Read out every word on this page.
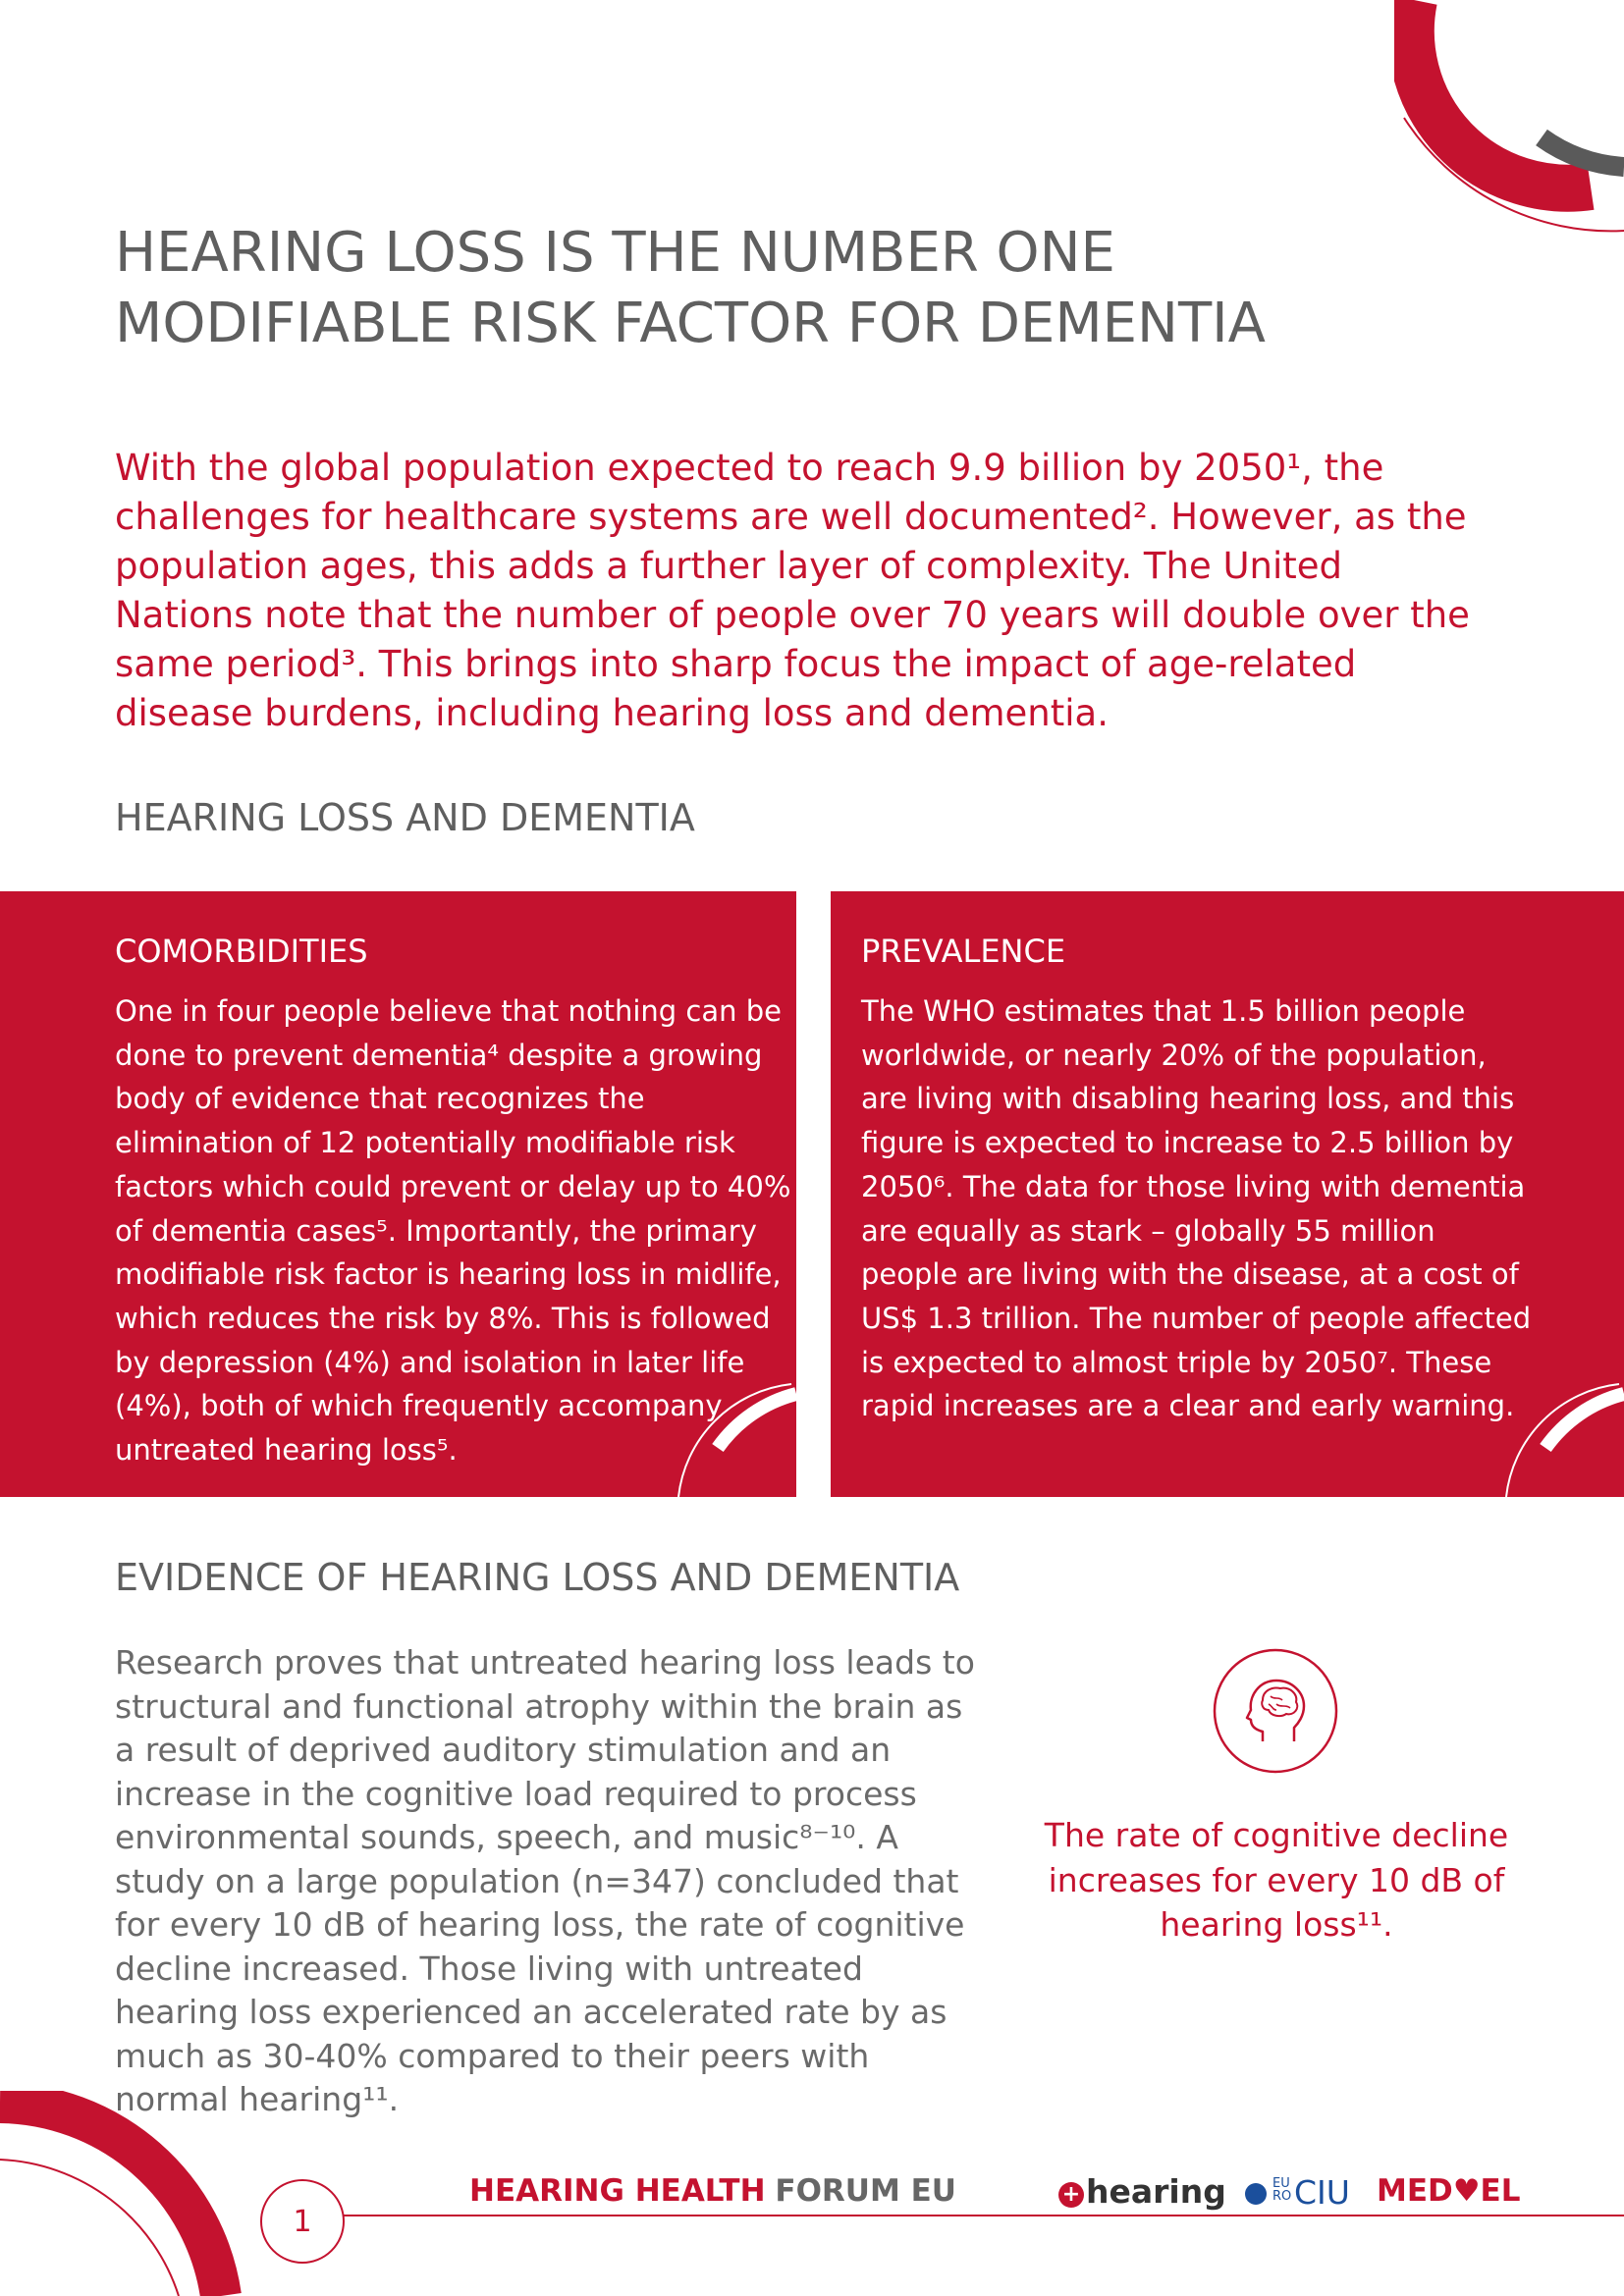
HEARING LOSS IS THE NUMBER ONE MODIFIABLE RISK FACTOR FOR DEMENTIA

With the global population expected to reach 9.9 billion by 2050¹, the challenges for healthcare systems are well documented². However, as the population ages, this adds a further layer of complexity. The United Nations note that the number of people over 70 years will double over the same period³. This brings into sharp focus the impact of age-related disease burdens, including hearing loss and dementia.

HEARING LOSS AND DEMENTIA
COMORBIDITIES

One in four people believe that nothing can be done to prevent dementia⁴ despite a growing body of evidence that recognizes the elimination of 12 potentially modifiable risk factors which could prevent or delay up to 40% of dementia cases⁵. Importantly, the primary modifiable risk factor is hearing loss in midlife, which reduces the risk by 8%. This is followed by depression (4%) and isolation in later life (4%), both of which frequently accompany untreated hearing loss⁵.

PREVALENCE

The WHO estimates that 1.5 billion people worldwide, or nearly 20% of the population, are living with disabling hearing loss, and this figure is expected to increase to 2.5 billion by 2050⁶. The data for those living with dementia are equally as stark – globally 55 million people are living with the disease, at a cost of US$ 1.3 trillion. The number of people affected is expected to almost triple by 2050⁷. These rapid increases are a clear and early warning.

EVIDENCE OF HEARING LOSS AND DEMENTIA

Research proves that untreated hearing loss leads to structural and functional atrophy within the brain as a result of deprived auditory stimulation and an increase in the cognitive load required to process environmental sounds, speech, and music⁸⁻¹⁰. A study on a large population (n=347) concluded that for every 10 dB of hearing loss, the rate of cognitive decline increased. Those living with untreated hearing loss experienced an accelerated rate by as much as 30-40% compared to their peers with normal hearing¹¹.

The rate of cognitive decline increases for every 10 dB of hearing loss¹¹.

1
HEARING HEALTH FORUM EU	+ hearing	EU ROCIU MED♥EL
